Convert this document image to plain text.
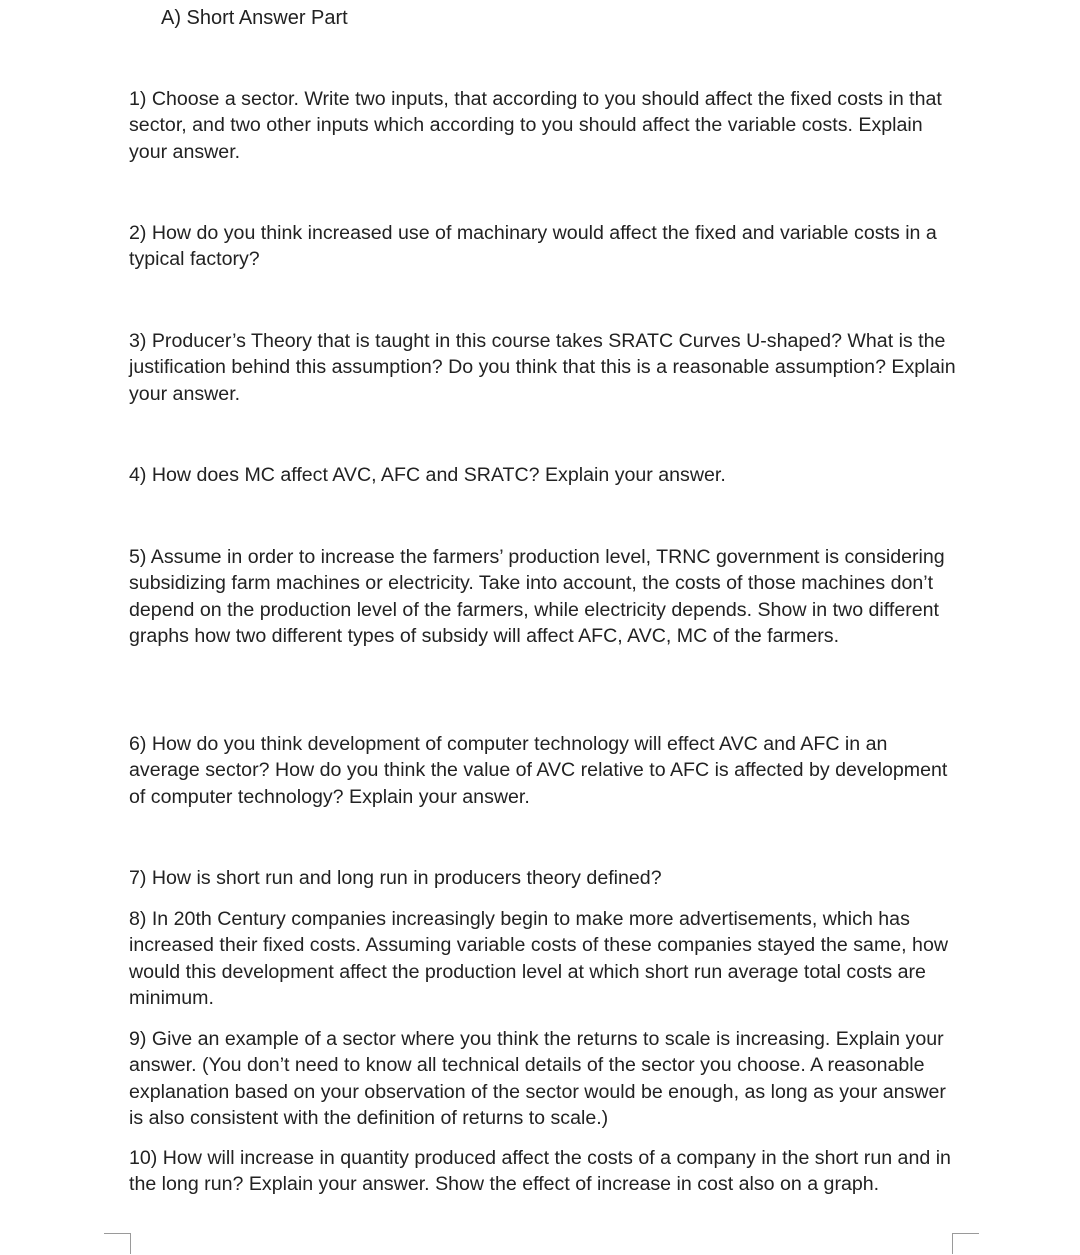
A) Short Answer Part

1) Choose a sector. Write two inputs, that according to you should affect the fixed costs in that sector, and two other inputs which according to you should affect the variable costs. Explain your answer.

2) How do you think increased use of machinary would affect the fixed and variable costs in a typical factory?

3) Producer’s Theory that is taught in this course takes SRATC Curves U-shaped? What is the justification behind this assumption? Do you think that this is a reasonable assumption? Explain your answer.

4) How does MC affect AVC, AFC and SRATC? Explain your answer.

5) Assume in order to increase the farmers’ production level, TRNC government is considering subsidizing farm machines or electricity. Take into account, the costs of those machines don’t depend on the production level of the farmers, while electricity depends. Show in two different graphs how two different types of subsidy will affect AFC, AVC, MC of the farmers.

6) How do you think development of computer technology will effect AVC and AFC in an average sector? How do you think the value of AVC relative to AFC is affected by development of computer technology? Explain your answer.

7) How is short run and long run in producers theory defined?

8) In 20th Century companies increasingly begin to make more advertisements, which has increased their fixed costs. Assuming variable costs of these companies stayed the same, how would this development affect the production level at which short run average total costs are minimum.

9) Give an example of a sector where you think the returns to scale is increasing. Explain your answer. (You don’t need to know all technical details of the sector you choose. A reasonable explanation based on your observation of the sector would be enough, as long as your answer is also consistent with the definition of returns to scale.)

10) How will increase in quantity produced affect the costs of a company in the short run and in the long run? Explain your answer. Show the effect of increase in cost also on a graph.
